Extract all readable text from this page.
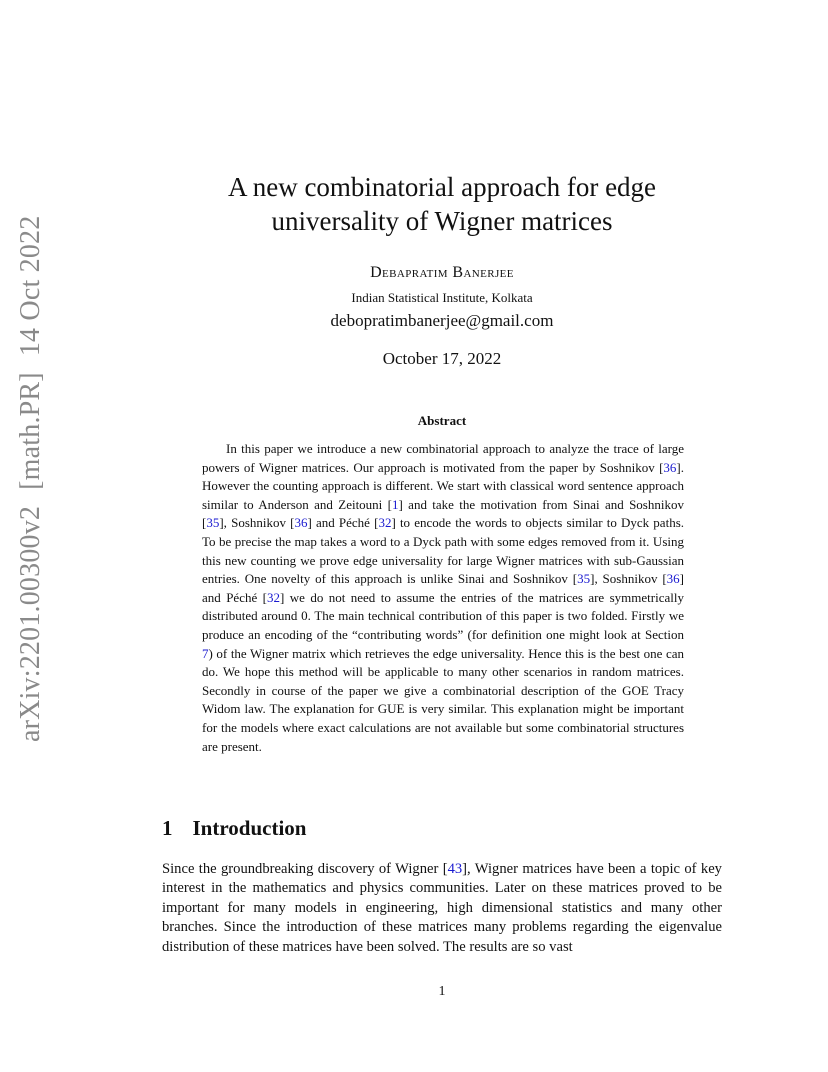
arXiv:2201.00300v2[math.PR]14 Oct 2022
A new combinatorial approach for edge universality of Wigner matrices
Debapratim Banerjee
Indian Statistical Institute, Kolkata
debopratimbanerjee@gmail.com
October 17, 2022
Abstract

In this paper we introduce a new combinatorial approach to analyze the trace of large powers of Wigner matrices. Our approach is motivated from the paper by Soshnikov [36]. However the counting approach is different. We start with classical word sentence approach similar to Anderson and Zeitouni [1] and take the motivation from Sinai and Soshnikov [35], Soshnikov [36] and Péché [32] to encode the words to objects similar to Dyck paths. To be precise the map takes a word to a Dyck path with some edges removed from it. Using this new counting we prove edge universality for large Wigner matrices with sub-Gaussian entries. One novelty of this approach is unlike Sinai and Soshnikov [35], Soshnikov [36] and Péché [32] we do not need to assume the entries of the matrices are symmetrically distributed around 0. The main technical contribution of this paper is two folded. Firstly we produce an encoding of the “contributing words” (for definition one might look at Section 7) of the Wigner matrix which retrieves the edge universality. Hence this is the best one can do. We hope this method will be applicable to many other scenarios in random matrices. Secondly in course of the paper we give a combinatorial description of the GOE Tracy Widom law. The explanation for GUE is very similar. This explanation might be important for the models where exact calculations are not available but some combinatorial structures are present.

1 Introduction

Since the groundbreaking discovery of Wigner [43], Wigner matrices have been a topic of key interest in the mathematics and physics communities. Later on these matrices proved to be important for many models in engineering, high dimensional statistics and many other branches. Since the introduction of these matrices many problems regarding the eigenvalue distribution of these matrices have been solved. The results are so vast

1
